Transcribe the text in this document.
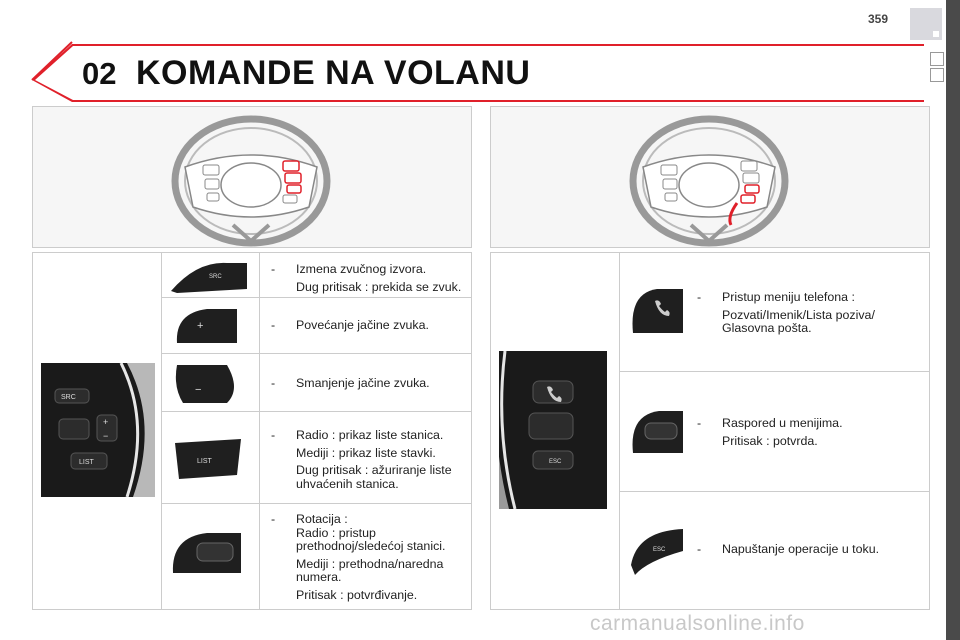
359
02 KOMANDE NA VOLANU
SRC
LIST
+
−
SRC
+
−
LIST
- Izmena zvučnog izvora.

Dug pritisak : prekida se zvuk.

- Povećanje jačine zvuka.

- Smanjenje jačine zvuka.

- Radio : prikaz liste stanica.

Mediji : prikaz liste stavki.

Dug pritisak : ažuriranje liste uhvaćenih stanica.

- Rotacija :
Radio : pristup prethodnoj/sledećoj stanici.

Mediji : prethodna/naredna numera.

Pritisak : potvrđivanje.

ESC
ESC
- Pristup meniju telefona :

Pozvati/Imenik/Lista poziva/ Glasovna pošta.

- Raspored u menijima.

Pritisak : potvrda.

- Napuštanje operacije u toku.

carmanualsonline.info
